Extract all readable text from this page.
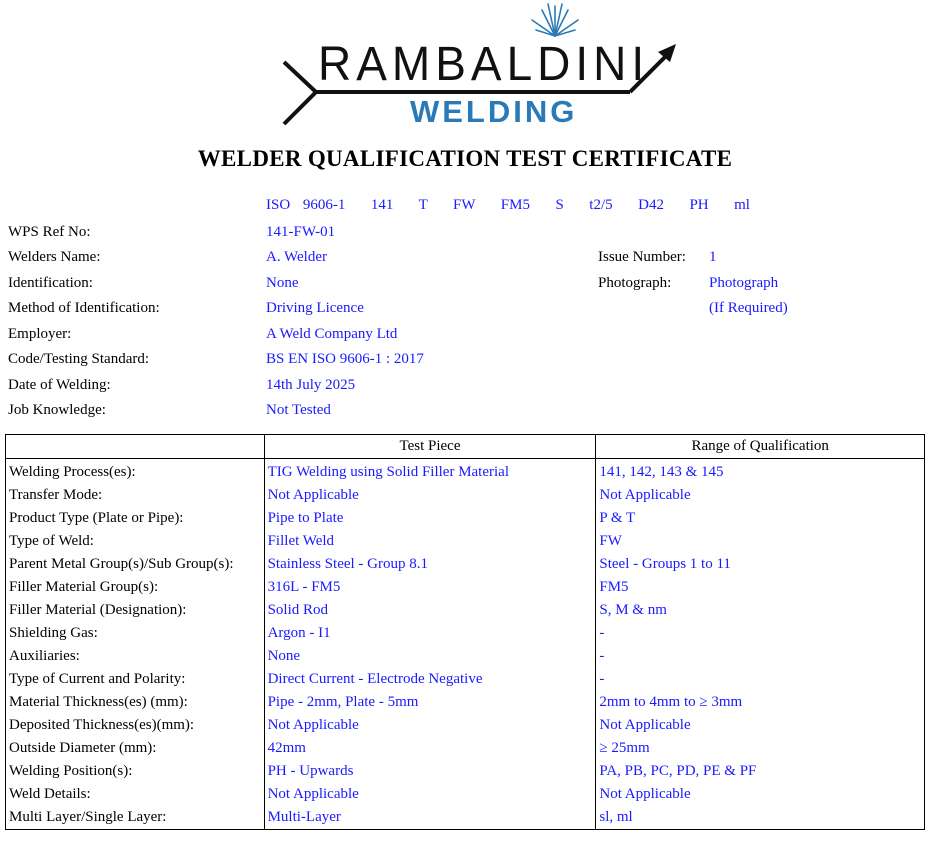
RAMBALDINI
WELDING
WELDER QUALIFICATION TEST CERTIFICATE
ISO 9606-1  141  T  FW  FM5  S  t2/5  D42  PH  ml
WPS Ref No:	141-FW-01
Welders Name:	A. Welder
Identification:	None
Method of Identification:	Driving Licence
Employer:	A Weld Company Ltd
Code/Testing Standard:	BS EN ISO 9606-1 : 2017
Date of Welding:	14th July 2025
Job Knowledge:	Not Tested
Issue Number: 1
Photograph:	Photograph
(If Required)
	Test Piece	Range of Qualification
Welding Process(es):	TIG Welding using Solid Filler Material	141, 142, 143 & 145
Transfer Mode:	Not Applicable	Not Applicable
Product Type (Plate or Pipe):	Pipe to Plate	P & T
Type of Weld:	Fillet Weld	FW
Parent Metal Group(s)/Sub Group(s):	Stainless Steel - Group 8.1	Steel - Groups 1 to 11
Filler Material Group(s):	316L - FM5	FM5
Filler Material (Designation):	Solid Rod	S, M & nm
Shielding Gas:	Argon - I1	-
Auxiliaries:	None	-
Type of Current and Polarity:	Direct Current - Electrode Negative	-
Material Thickness(es) (mm):	Pipe - 2mm, Plate - 5mm	2mm to 4mm to ≥ 3mm
Deposited Thickness(es)(mm):	Not Applicable	Not Applicable
Outside Diameter (mm):	42mm	≥ 25mm
Welding Position(s):	PH - Upwards	PA, PB, PC, PD, PE & PF
Weld Details:	Not Applicable	Not Applicable
Multi Layer/Single Layer:	Multi-Layer	sl, ml
